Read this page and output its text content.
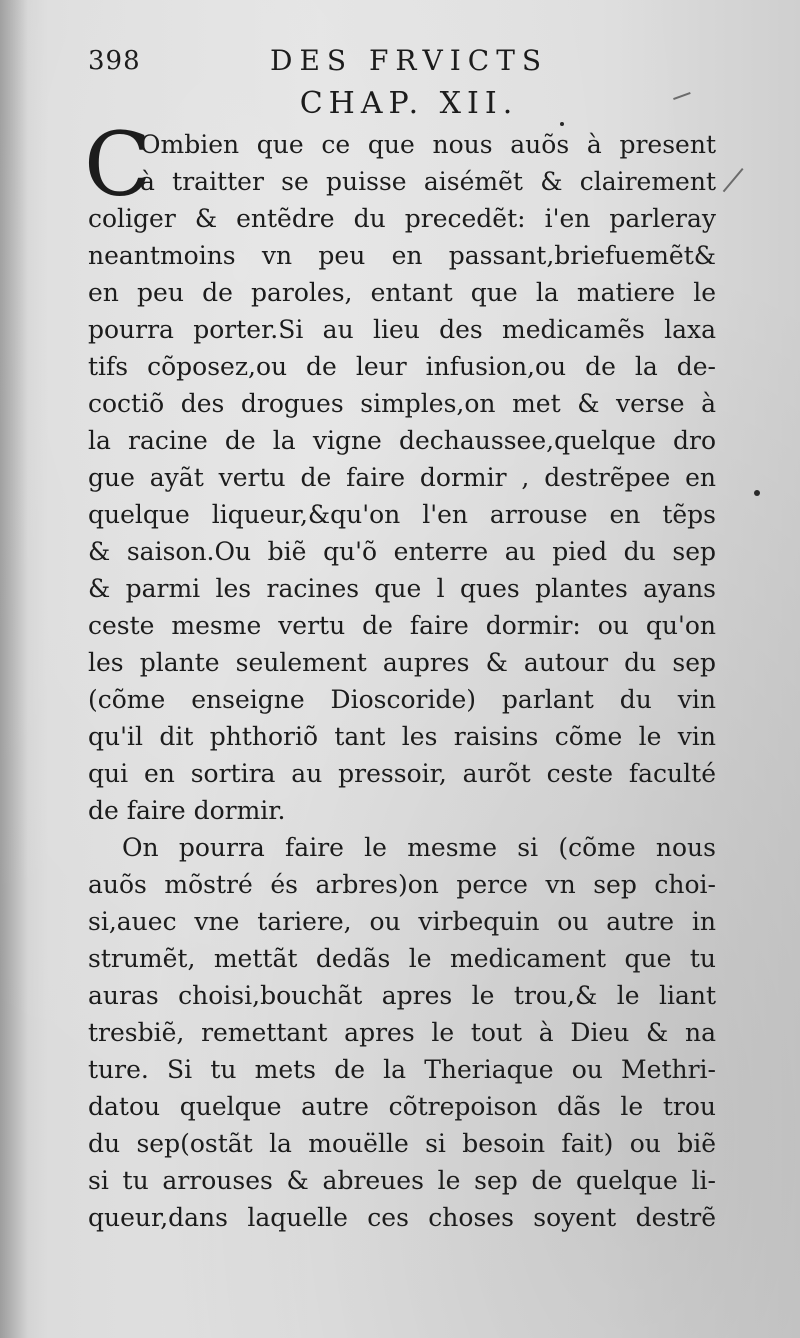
398	DES FRVICTS
CHAP. XII.
C

Ombien que ce que nous auõs à present
à traitter se puisse aisémẽt & clairement
coliger & entẽdre du precedẽt: i'en parleray
neantmoins vn peu en passant,briefuemẽt&
en peu de paroles, entant que la matiere le
pourra porter.Si au lieu des medicamẽs laxa
tifs cõposez,ou de leur infusion,ou de la de-
coctiõ des drogues simples,on met & verse à
la racine de la vigne dechaussee,quelque dro
gue ayãt vertu de faire dormir , destrẽpee en
quelque liqueur,&qu'on l'en arrouse en tẽps
& saison.Ou biẽ qu'õ enterre au pied du sep
& parmi les racines que l ques plantes ayans
ceste mesme vertu de faire dormir: ou qu'on
les plante seulement aupres & autour du sep
(cõme enseigne Dioscoride) parlant du vin
qu'il dit phthoriõ tant les raisins cõme le vin
qui en sortira au pressoir, aurõt ceste faculté
de faire dormir.

On pourra faire le mesme si (cõme nous
auõs mõstré és arbres)on perce vn sep choi-
si,auec vne tariere, ou virbequin ou autre in
strumẽt, mettãt dedãs le medicament que tu
auras choisi,bouchãt apres le trou,& le liant
tresbiẽ, remettant apres le tout à Dieu & na
ture. Si tu mets de la Theriaque ou Methri-
datou quelque autre cõtrepoison dãs le trou
du sep(ostãt la mouëlle si besoin fait) ou biẽ
si tu arrouses & abreues le sep de quelque li-
queur,dans laquelle ces choses soyent destrẽ
